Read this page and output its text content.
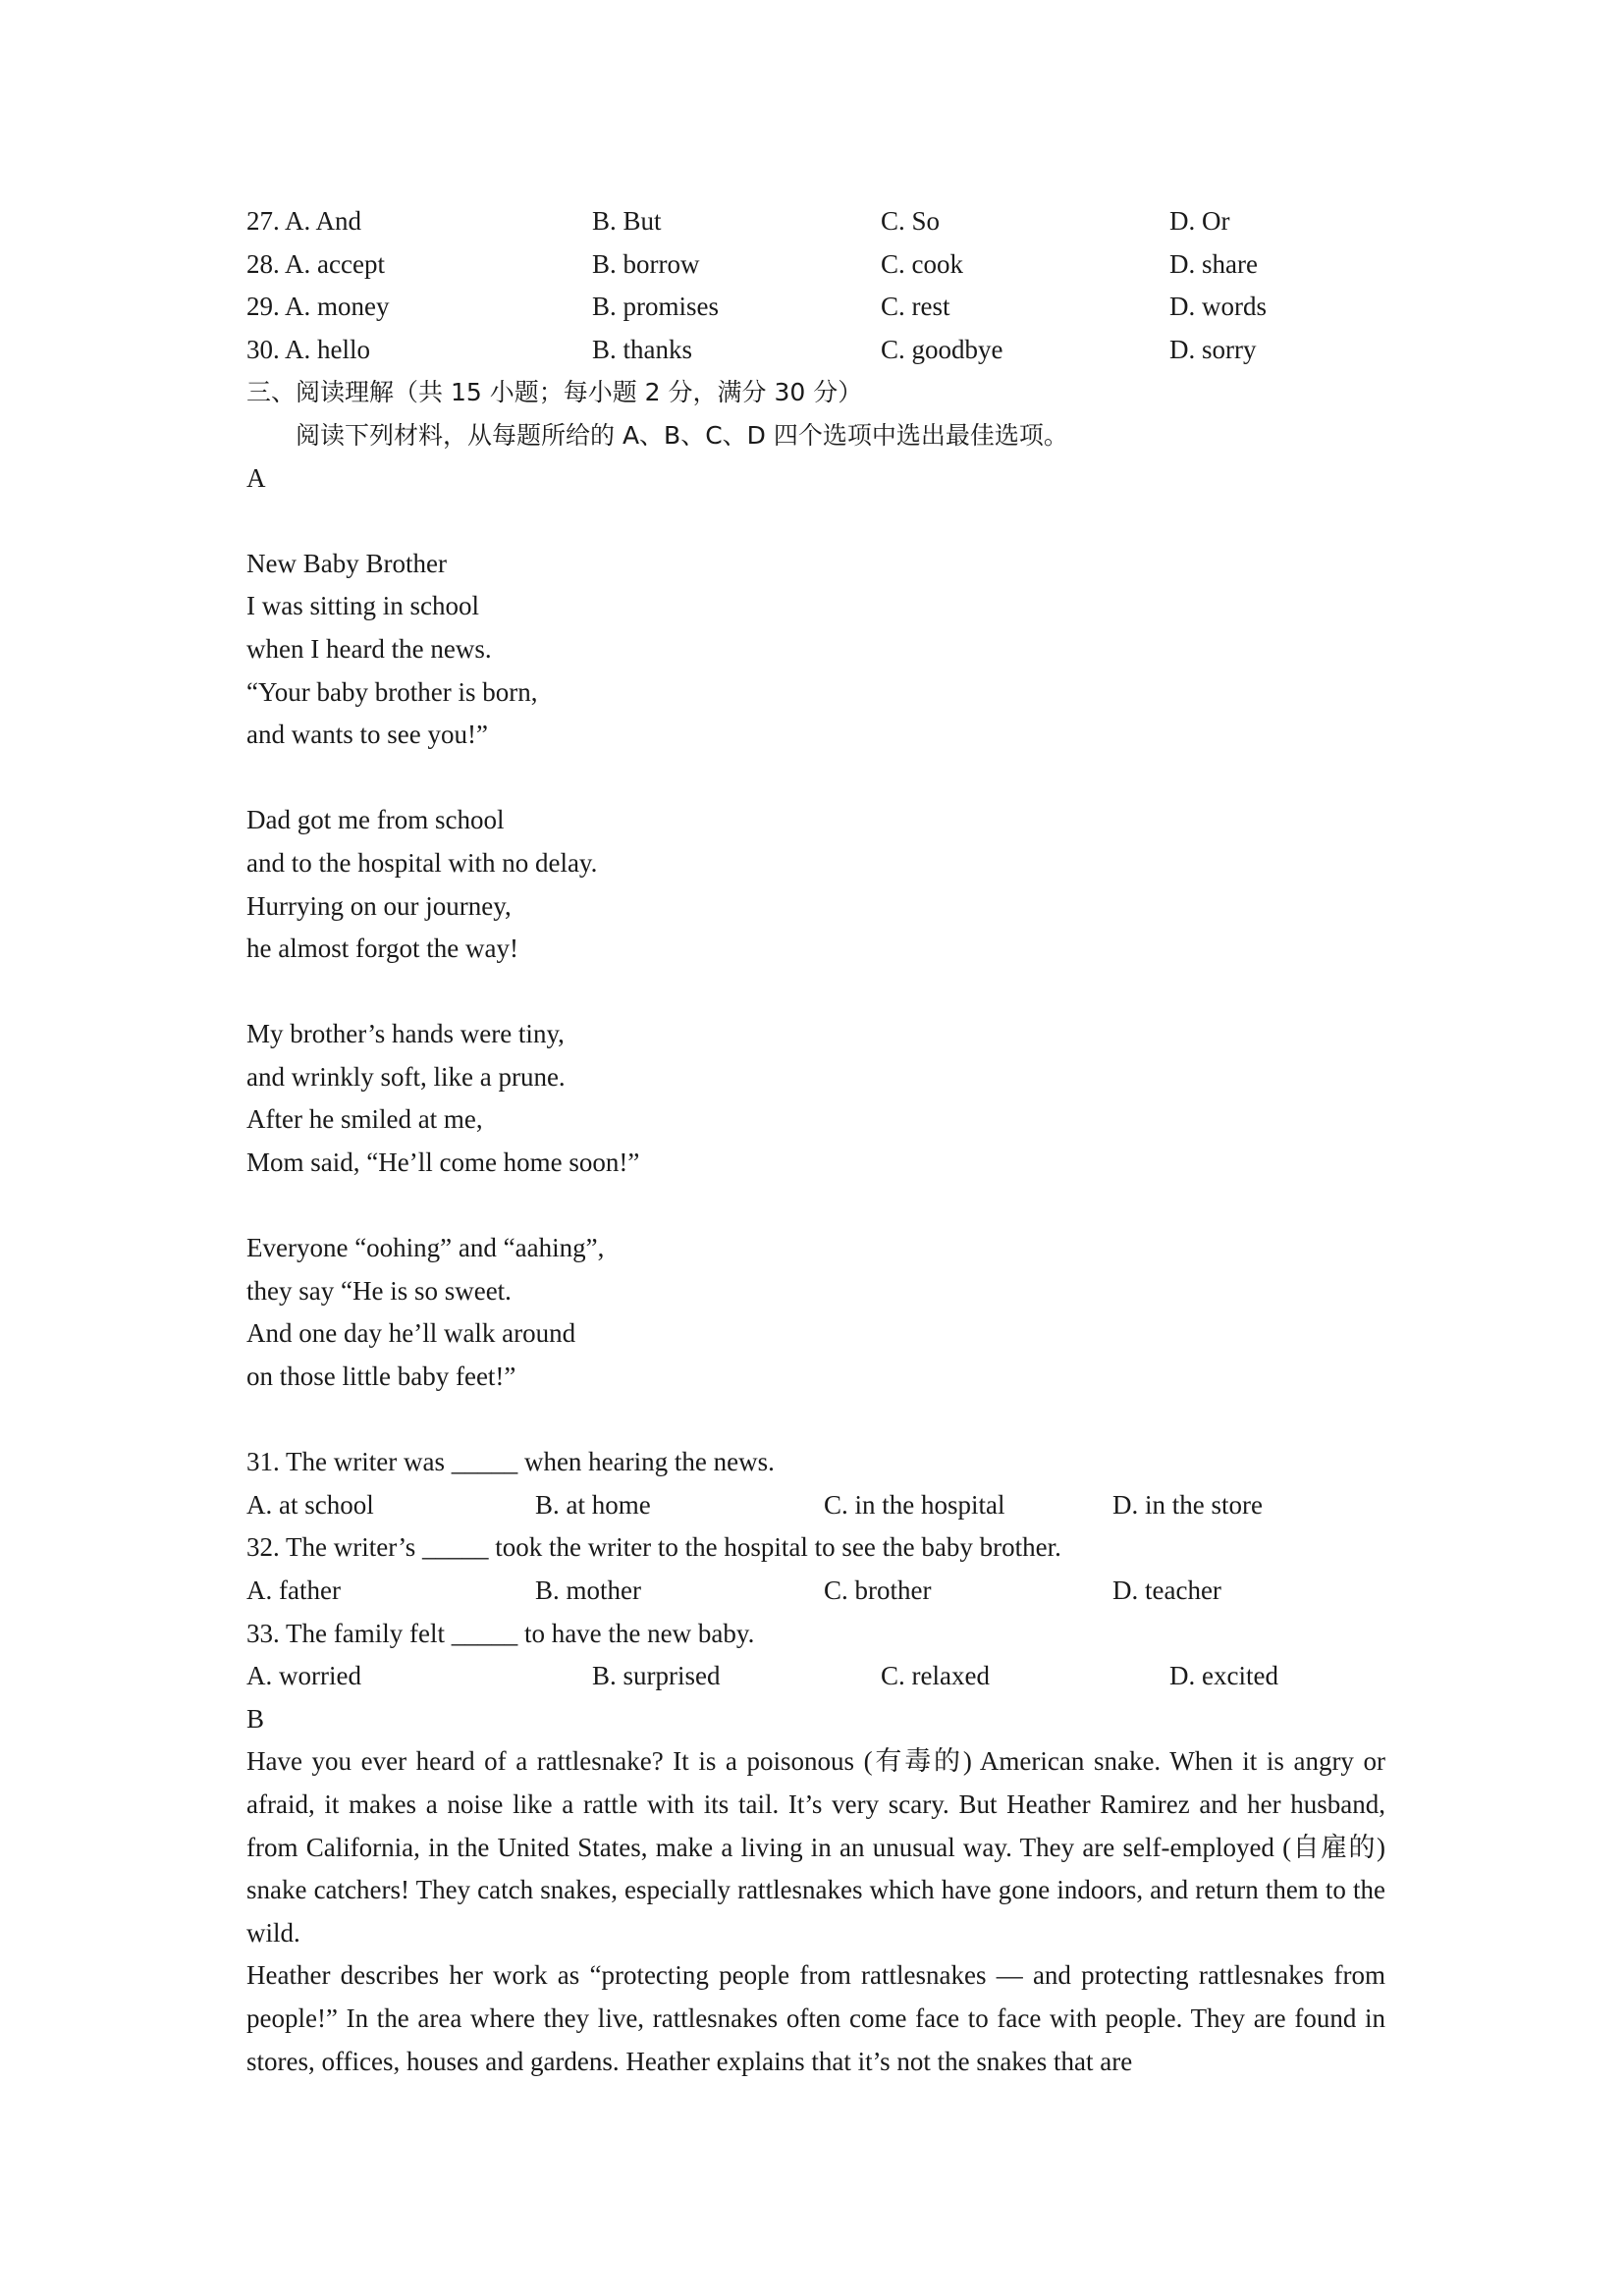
27. A. And	B. But	C. So	D. Or
28. A. accept	B. borrow	C. cook	D. share
29. A. money	B. promises	C. rest	D. words
30. A. hello	B. thanks	C. goodbye	D. sorry
三、阅读理解（共 15 小题；每小题 2 分，满分 30 分）
阅读下列材料，从每题所给的 A、B、C、D 四个选项中选出最佳选项。
A
New Baby Brother
I was sitting in school
when I heard the news.
“Your baby brother is born,
and wants to see you!”
Dad got me from school
and to the hospital with no delay.
Hurrying on our journey,
he almost forgot the way!
My brother’s hands were tiny,
and wrinkly soft, like a prune.
After he smiled at me,
Mom said, “He’ll come home soon!”
Everyone “oohing” and “aahing”,
they say “He is so sweet.
And one day he’ll walk around
on those little baby feet!”
31. The writer was _____ when hearing the news.
A. at school	B. at home	C. in the hospital	D. in the store
32. The writer’s _____ took the writer to the hospital to see the baby brother.
A. father	B. mother	C. brother	D. teacher
33. The family felt _____ to have the new baby.
A. worried	B. surprised	C. relaxed	D. excited
B
Have you ever heard of a rattlesnake? It is a poisonous (有毒的) American snake. When it is angry or afraid, it makes a noise like a rattle with its tail. It’s very scary. But Heather Ramirez and her husband, from California, in the United States, make a living in an unusual way. They are self-employed (自雇的) snake catchers! They catch snakes, especially rattlesnakes which have gone indoors, and return them to the wild.
Heather describes her work as “protecting people from rattlesnakes — and protecting rattlesnakes from people!” In the area where they live, rattlesnakes often come face to face with people. They are found in stores, offices, houses and gardens. Heather explains that it’s not the snakes that are
